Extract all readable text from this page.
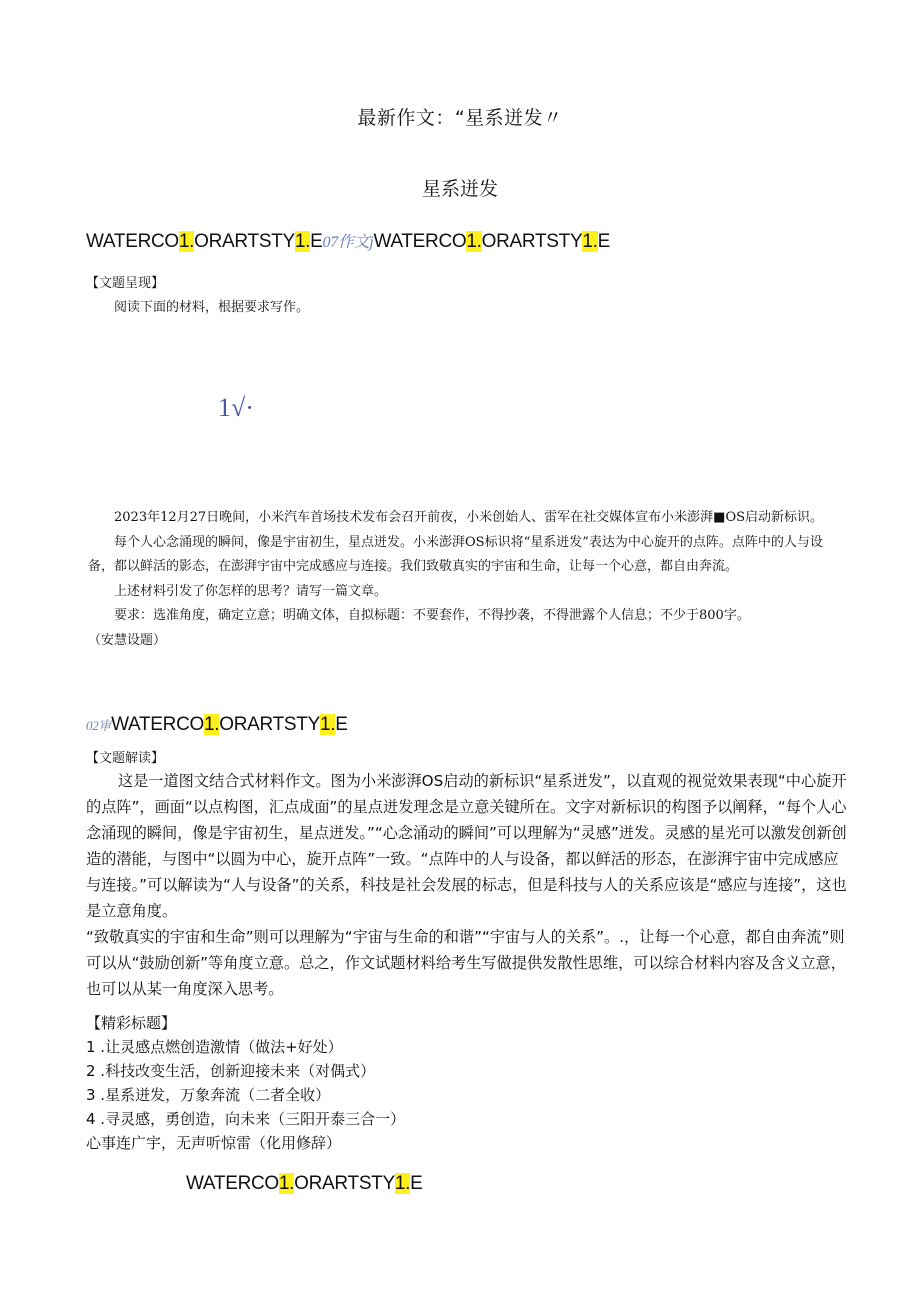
最新作文：“星系迸发〃
星系迸发
WATERCO1.ORARTSTY1.E07作文jWATERCO1.ORARTSTY1.E
【文题呈现】
阅读下面的材料，根据要求写作。
1√·

2023年12月27日晚间，小米汽车首场技术发布会召开前夜，小米创始人、雷军在社交媒体宣布小米澎湃■OS启动新标识。

每个人心念涌现的瞬间，像是宇宙初生，星点迸发。小米澎湃OS标识将“星系迸发”表达为中心旋开的点阵。点阵中的人与设备，都以鲜活的影态，在澎湃宇宙中完成感应与连接。我们致敬真实的宇宙和生命，让每一个心意，都自由奔流。

上述材料引发了你怎样的思考？请写一篇文章。

要求：选准角度，确定立意；明确文体，自拟标题：不要套作，不得抄袭，不得泄露个人信息；不少于800字。

（安慧设题）

02审WATERCO1.ORARTSTY1.E
【文题解读】

这是一道图文结合式材料作文。图为小米澎湃OS启动的新标识“星系迸发”，以直观的视觉效果表现“中心旋开的点阵”，画面“以点构图，汇点成面”的星点迸发理念是立意关键所在。文字对新标识的构图予以阐释，“每个人心念涌现的瞬间，像是宇宙初生，星点迸发。”“心念涌动的瞬间”可以理解为“灵感”迸发。灵感的星光可以激发创新创造的潜能，与图中“以圆为中心，旋开点阵”一致。“点阵中的人与设备，都以鲜活的形态，在澎湃宇宙中完成感应与连接。”可以解读为“人与设备”的关系，科技是社会发展的标志，但是科技与人的关系应该是“感应与连接”，这也是立意角度。

“致敬真实的宇宙和生命”则可以理解为“宇宙与生命的和谐”“宇宙与人的关系”。.，让每一个心意，都自由奔流”则可以从“鼓励创新”等角度立意。总之，作文试题材料给考生写做提供发散性思维，可以综合材料内容及含义立意，也可以从某一角度深入思考。

【精彩标题】
1 .让灵感点燃创造激情（做法+好处）
2 .科技改变生活，创新迎接未来（对偶式）
3 .星系迸发，万象奔流（二者全收）
4 .寻灵感，勇创造，向未来（三阳开泰三合一）
心事连广宇，无声听惊雷（化用修辞）
WATERCO1.ORARTSTY1.E
